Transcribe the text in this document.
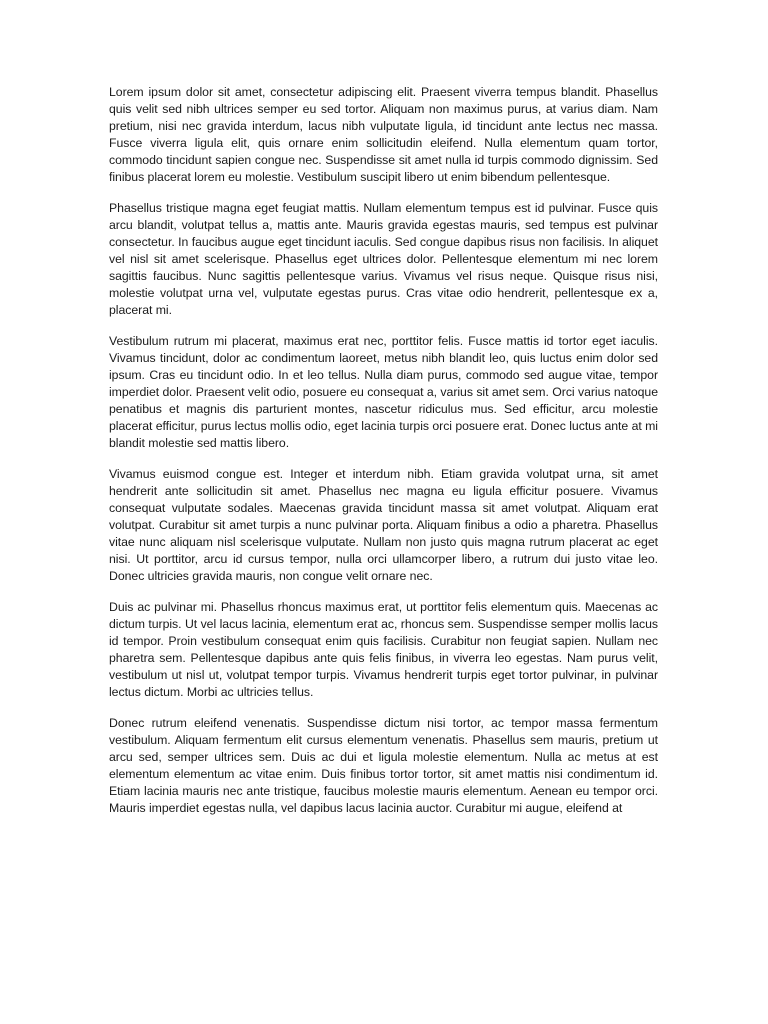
Lorem ipsum dolor sit amet, consectetur adipiscing elit. Praesent viverra tempus blandit. Phasellus quis velit sed nibh ultrices semper eu sed tortor. Aliquam non maximus purus, at varius diam. Nam pretium, nisi nec gravida interdum, lacus nibh vulputate ligula, id tincidunt ante lectus nec massa. Fusce viverra ligula elit, quis ornare enim sollicitudin eleifend. Nulla elementum quam tortor, commodo tincidunt sapien congue nec. Suspendisse sit amet nulla id turpis commodo dignissim. Sed finibus placerat lorem eu molestie. Vestibulum suscipit libero ut enim bibendum pellentesque.

Phasellus tristique magna eget feugiat mattis. Nullam elementum tempus est id pulvinar. Fusce quis arcu blandit, volutpat tellus a, mattis ante. Mauris gravida egestas mauris, sed tempus est pulvinar consectetur. In faucibus augue eget tincidunt iaculis. Sed congue dapibus risus non facilisis. In aliquet vel nisl sit amet scelerisque. Phasellus eget ultrices dolor. Pellentesque elementum mi nec lorem sagittis faucibus. Nunc sagittis pellentesque varius. Vivamus vel risus neque. Quisque risus nisi, molestie volutpat urna vel, vulputate egestas purus. Cras vitae odio hendrerit, pellentesque ex a, placerat mi.

Vestibulum rutrum mi placerat, maximus erat nec, porttitor felis. Fusce mattis id tortor eget iaculis. Vivamus tincidunt, dolor ac condimentum laoreet, metus nibh blandit leo, quis luctus enim dolor sed ipsum. Cras eu tincidunt odio. In et leo tellus. Nulla diam purus, commodo sed augue vitae, tempor imperdiet dolor. Praesent velit odio, posuere eu consequat a, varius sit amet sem. Orci varius natoque penatibus et magnis dis parturient montes, nascetur ridiculus mus. Sed efficitur, arcu molestie placerat efficitur, purus lectus mollis odio, eget lacinia turpis orci posuere erat. Donec luctus ante at mi blandit molestie sed mattis libero.

Vivamus euismod congue est. Integer et interdum nibh. Etiam gravida volutpat urna, sit amet hendrerit ante sollicitudin sit amet. Phasellus nec magna eu ligula efficitur posuere. Vivamus consequat vulputate sodales. Maecenas gravida tincidunt massa sit amet volutpat. Aliquam erat volutpat. Curabitur sit amet turpis a nunc pulvinar porta. Aliquam finibus a odio a pharetra. Phasellus vitae nunc aliquam nisl scelerisque vulputate. Nullam non justo quis magna rutrum placerat ac eget nisi. Ut porttitor, arcu id cursus tempor, nulla orci ullamcorper libero, a rutrum dui justo vitae leo. Donec ultricies gravida mauris, non congue velit ornare nec.

Duis ac pulvinar mi. Phasellus rhoncus maximus erat, ut porttitor felis elementum quis. Maecenas ac dictum turpis. Ut vel lacus lacinia, elementum erat ac, rhoncus sem. Suspendisse semper mollis lacus id tempor. Proin vestibulum consequat enim quis facilisis. Curabitur non feugiat sapien. Nullam nec pharetra sem. Pellentesque dapibus ante quis felis finibus, in viverra leo egestas. Nam purus velit, vestibulum ut nisl ut, volutpat tempor turpis. Vivamus hendrerit turpis eget tortor pulvinar, in pulvinar lectus dictum. Morbi ac ultricies tellus.

Donec rutrum eleifend venenatis. Suspendisse dictum nisi tortor, ac tempor massa fermentum vestibulum. Aliquam fermentum elit cursus elementum venenatis. Phasellus sem mauris, pretium ut arcu sed, semper ultrices sem. Duis ac dui et ligula molestie elementum. Nulla ac metus at est elementum elementum ac vitae enim. Duis finibus tortor tortor, sit amet mattis nisi condimentum id. Etiam lacinia mauris nec ante tristique, faucibus molestie mauris elementum. Aenean eu tempor orci. Mauris imperdiet egestas nulla, vel dapibus lacus lacinia auctor. Curabitur mi augue, eleifend at
